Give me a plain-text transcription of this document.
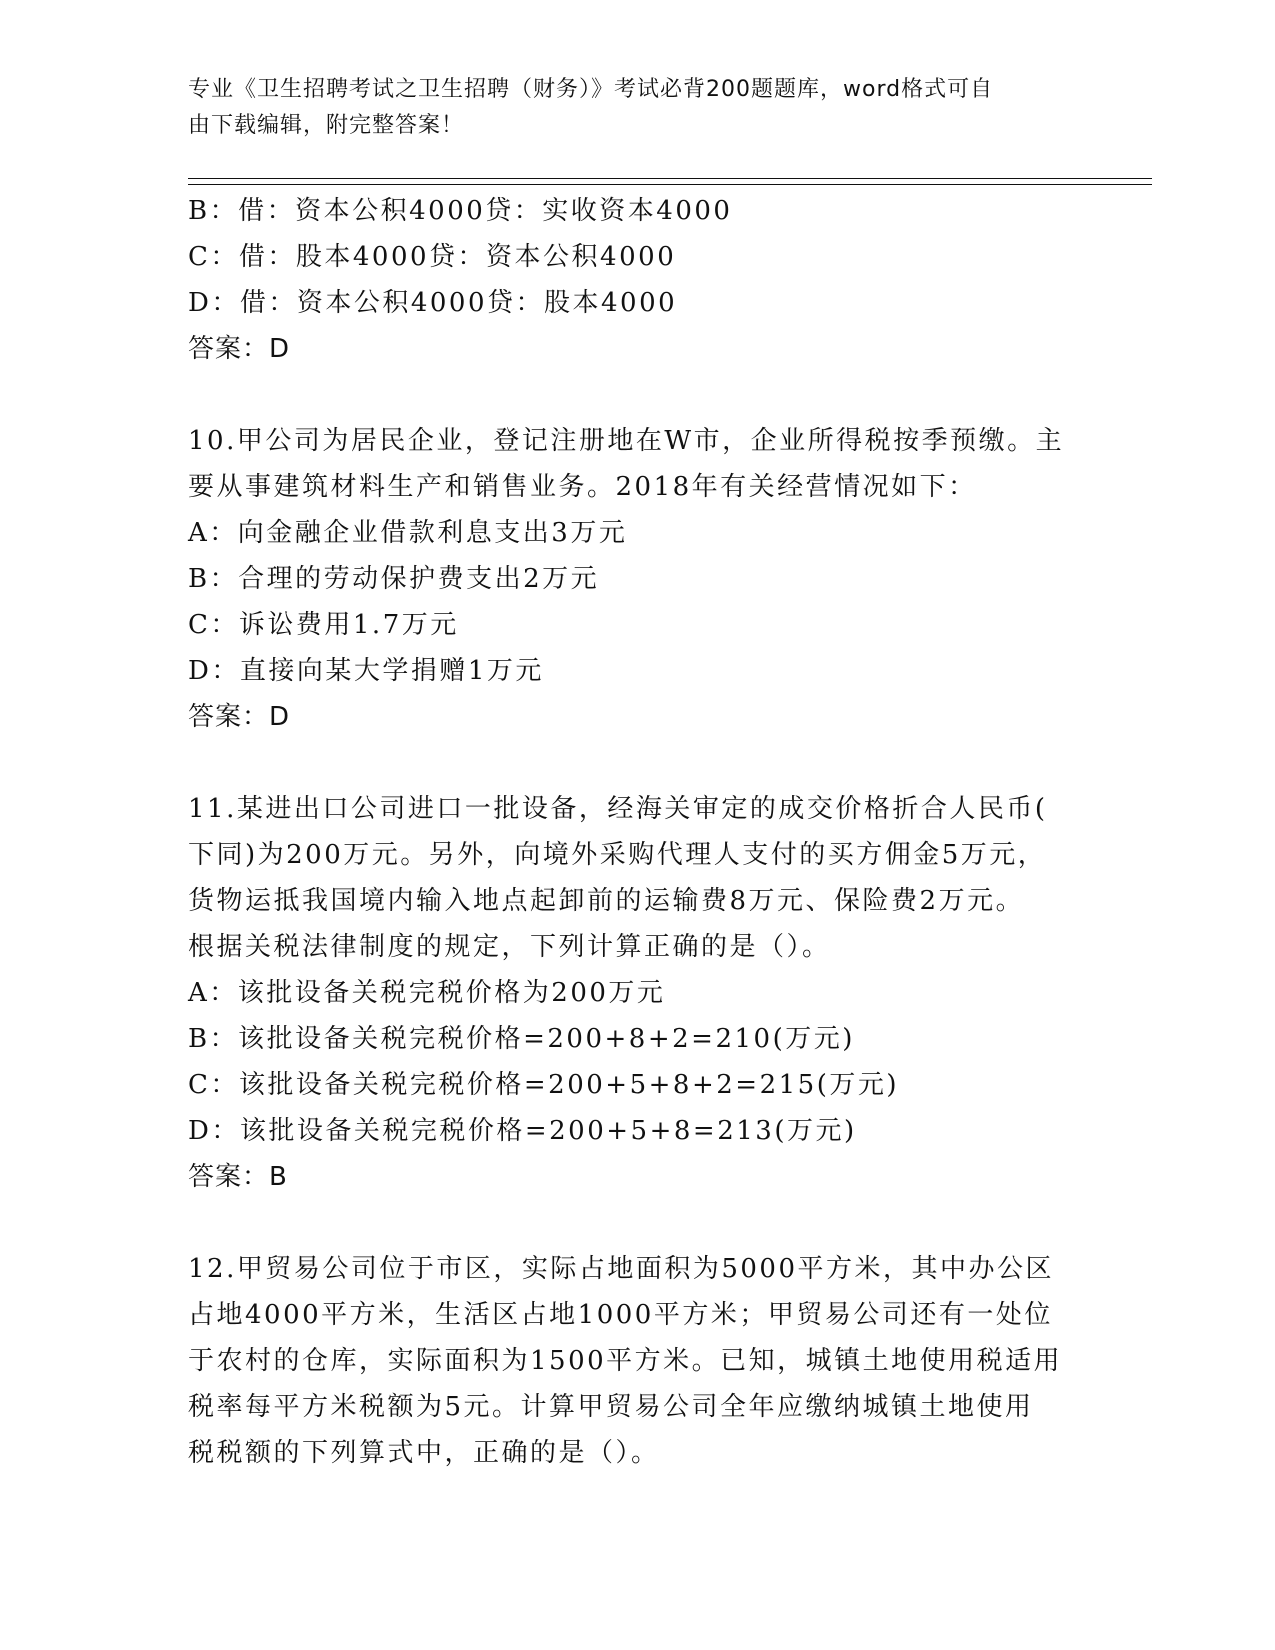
专业《卫生招聘考试之卫生招聘（财务）》考试必背200题题库，word格式可自
由下载编辑，附完整答案！
B：借：资本公积4000贷：实收资本4000
C：借：股本4000贷：资本公积4000
D：借：资本公积4000贷：股本4000
答案：D
10.甲公司为居民企业，登记注册地在W市，企业所得税按季预缴。主
要从事建筑材料生产和销售业务。2018年有关经营情况如下：
A：向金融企业借款利息支出3万元
B：合理的劳动保护费支出2万元
C：诉讼费用1.7万元
D：直接向某大学捐赠1万元
答案：D
11.某进出口公司进口一批设备，经海关审定的成交价格折合人民币(
下同)为200万元。另外，向境外采购代理人支付的买方佣金5万元，
货物运抵我国境内输入地点起卸前的运输费8万元、保险费2万元。
根据关税法律制度的规定，下列计算正确的是（）。
A：该批设备关税完税价格为200万元
B：该批设备关税完税价格=200+8+2=210(万元)
C：该批设备关税完税价格=200+5+8+2=215(万元)
D：该批设备关税完税价格=200+5+8=213(万元)
答案：B
12.甲贸易公司位于市区，实际占地面积为5000平方米，其中办公区
占地4000平方米，生活区占地1000平方米；甲贸易公司还有一处位
于农村的仓库，实际面积为1500平方米。已知，城镇土地使用税适用
税率每平方米税额为5元。计算甲贸易公司全年应缴纳城镇土地使用
税税额的下列算式中，正确的是（）。
